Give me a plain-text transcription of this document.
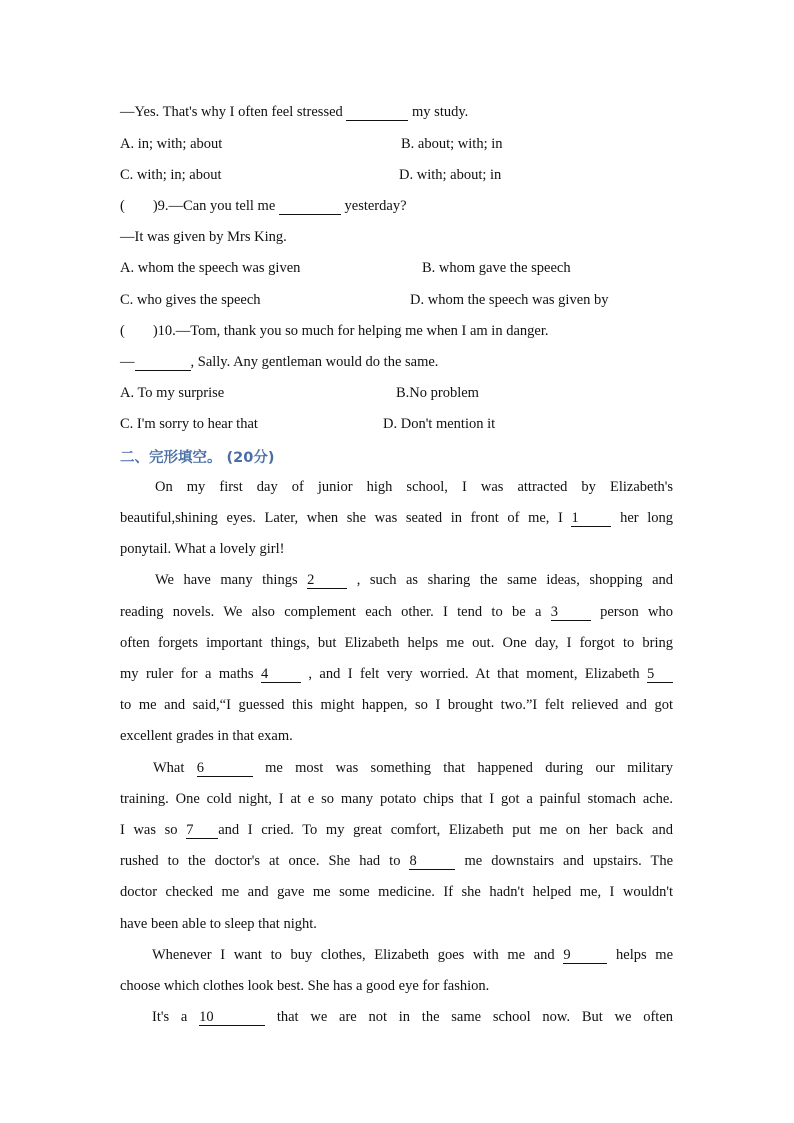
—Yes. That's why I often feel stressed	my study.
A. in; with; about	B. about; with; in
C. with; in; about	D. with; about; in
( )9.—Can you tell me	yesterday?
—It was given by Mrs King.
A. whom the speech was given	B. whom gave the speech
C. who gives the speech	D. whom the speech was given by
( )10.—Tom, thank you so much for helping me when I am in danger.
—	, Sally. Any gentleman would do the same.
A. To my surprise	B.No problem
C. I'm sorry to hear that	D. Don't mention it
二、完形填空。 (20分)
On my first day of junior high school, I was attracted by Elizabeth's
beautiful,shining eyes. Later, when she was seated in front of me, I 1	her long
ponytail. What a lovely girl!
We have many things 2	, such as sharing the same ideas, shopping and
reading novels. We also complement each other. I tend to be a 3	person who
often forgets important things, but Elizabeth helps me out. One day, I forgot to bring
my ruler for a maths 4	, and I felt very worried. At that moment, Elizabeth 5
to me and said,“I guessed this might happen, so I brought two.”I felt relieved and got
excellent grades in that exam.
What 6	me most was something that happened during our military
training. One cold night, I at e so many potato chips that I got a painful stomach ache.
I was so 7 and I cried. To my great comfort, Elizabeth put me on her back and
rushed to the doctor's at once. She had to 8	me downstairs and upstairs. The
doctor checked me and gave me some medicine. If she hadn't helped me, I wouldn't
have been able to sleep that night.
Whenever I want to buy clothes, Elizabeth goes with me and 9	helps me
choose which clothes look best. She has a good eye for fashion.
It's a 10	that we are not in the same school now. But we often
